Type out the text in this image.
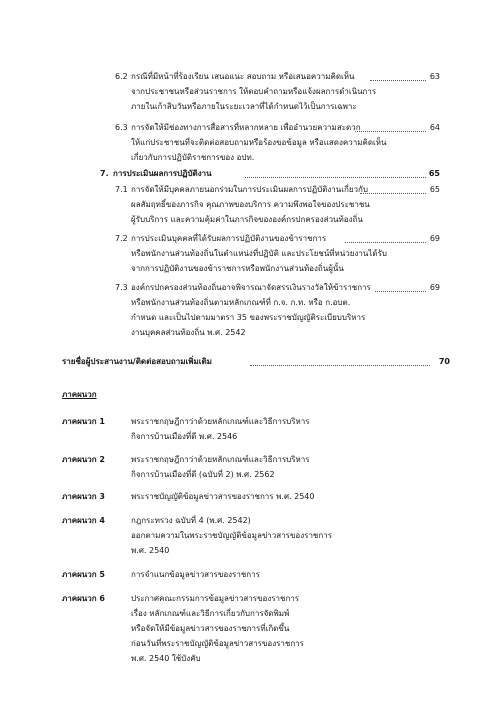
6.2 กรณีที่มีหน้าที่ร้องเรียน เสนอแนะ สอบถาม หรือเสนอความคิดเห็น	63
จากประชาชนหรือส่วนราชการ ให้ตอบคำถามหรือแจ้งผลการดำเนินการ
ภายในเก้าสิบวันหรือภายในระยะเวลาที่ได้กำหนดไว้เป็นการเฉพาะ
6.3 การจัดให้มีช่องทางการสื่อสารที่หลากหลาย เพื่ออำนวยความสะดวก	64
ให้แก่ประชาชนที่จะติดต่อสอบถามหรือร้องขอข้อมูล หรือแสดงความคิดเห็น
เกี่ยวกับการปฏิบัติราชการของ อปท.
7. การประเมินผลการปฏิบัติงาน	65
7.1 การจัดให้มีบุคคลภายนอกร่วมในการประเมินผลการปฏิบัติงานเกี่ยวกับ	65
ผลสัมฤทธิ์ของภารกิจ คุณภาพของบริการ ความพึงพอใจของประชาชน
ผู้รับบริการ และความคุ้มค่าในภารกิจขององค์กรปกครองส่วนท้องถิ่น
7.2 การประเมินบุคคลที่ได้รับผลการปฏิบัติงานของข้าราชการ	69
หรือพนักงานส่วนท้องถิ่นในตำแหน่งที่ปฏิบัติ และประโยชน์ที่หน่วยงานได้รับ
จากการปฏิบัติงานของข้าราชการหรือพนักงานส่วนท้องถิ่นผู้นั้น
7.3 องค์กรปกครองส่วนท้องถิ่นอาจพิจารณาจัดสรรเงินรางวัลให้ข้าราชการ	69
หรือพนักงานส่วนท้องถิ่นตามหลักเกณฑ์ที่ ก.จ. ก.ท. หรือ ก.อบต.
กำหนด และเป็นไปตามมาตรา 35 ของพระราชบัญญัติระเบียบบริหาร
งานบุคคลส่วนท้องถิ่น พ.ศ. 2542
รายชื่อผู้ประสานงาน/ติดต่อสอบถามเพิ่มเติม	70
ภาคผนวก
ภาคผนวก 1	พระราชกฤษฎีกาว่าด้วยหลักเกณฑ์และวิธีการบริหาร
กิจการบ้านเมืองที่ดี พ.ศ. 2546
ภาคผนวก 2	พระราชกฤษฎีกาว่าด้วยหลักเกณฑ์และวิธีการบริหาร
กิจการบ้านเมืองที่ดี (ฉบับที่ 2) พ.ศ. 2562
ภาคผนวก 3	พระราชบัญญัติข้อมูลข่าวสารของราชการ พ.ศ. 2540
ภาคผนวก 4	กฎกระทรวง ฉบับที่ 4 (พ.ศ. 2542)
ออกตามความในพระราชบัญญัติข้อมูลข่าวสารของราชการ
พ.ศ. 2540
ภาคผนวก 5	การจำแนกข้อมูลข่าวสารของราชการ
ภาคผนวก 6	ประกาศคณะกรรมการข้อมูลข่าวสารของราชการ
เรื่อง หลักเกณฑ์และวิธีการเกี่ยวกับการจัดพิมพ์
หรือจัดให้มีข้อมูลข่าวสารของราชการที่เกิดขึ้น
ก่อนวันที่พระราชบัญญัติข้อมูลข่าวสารของราชการ
พ.ศ. 2540 ใช้บังคับ
